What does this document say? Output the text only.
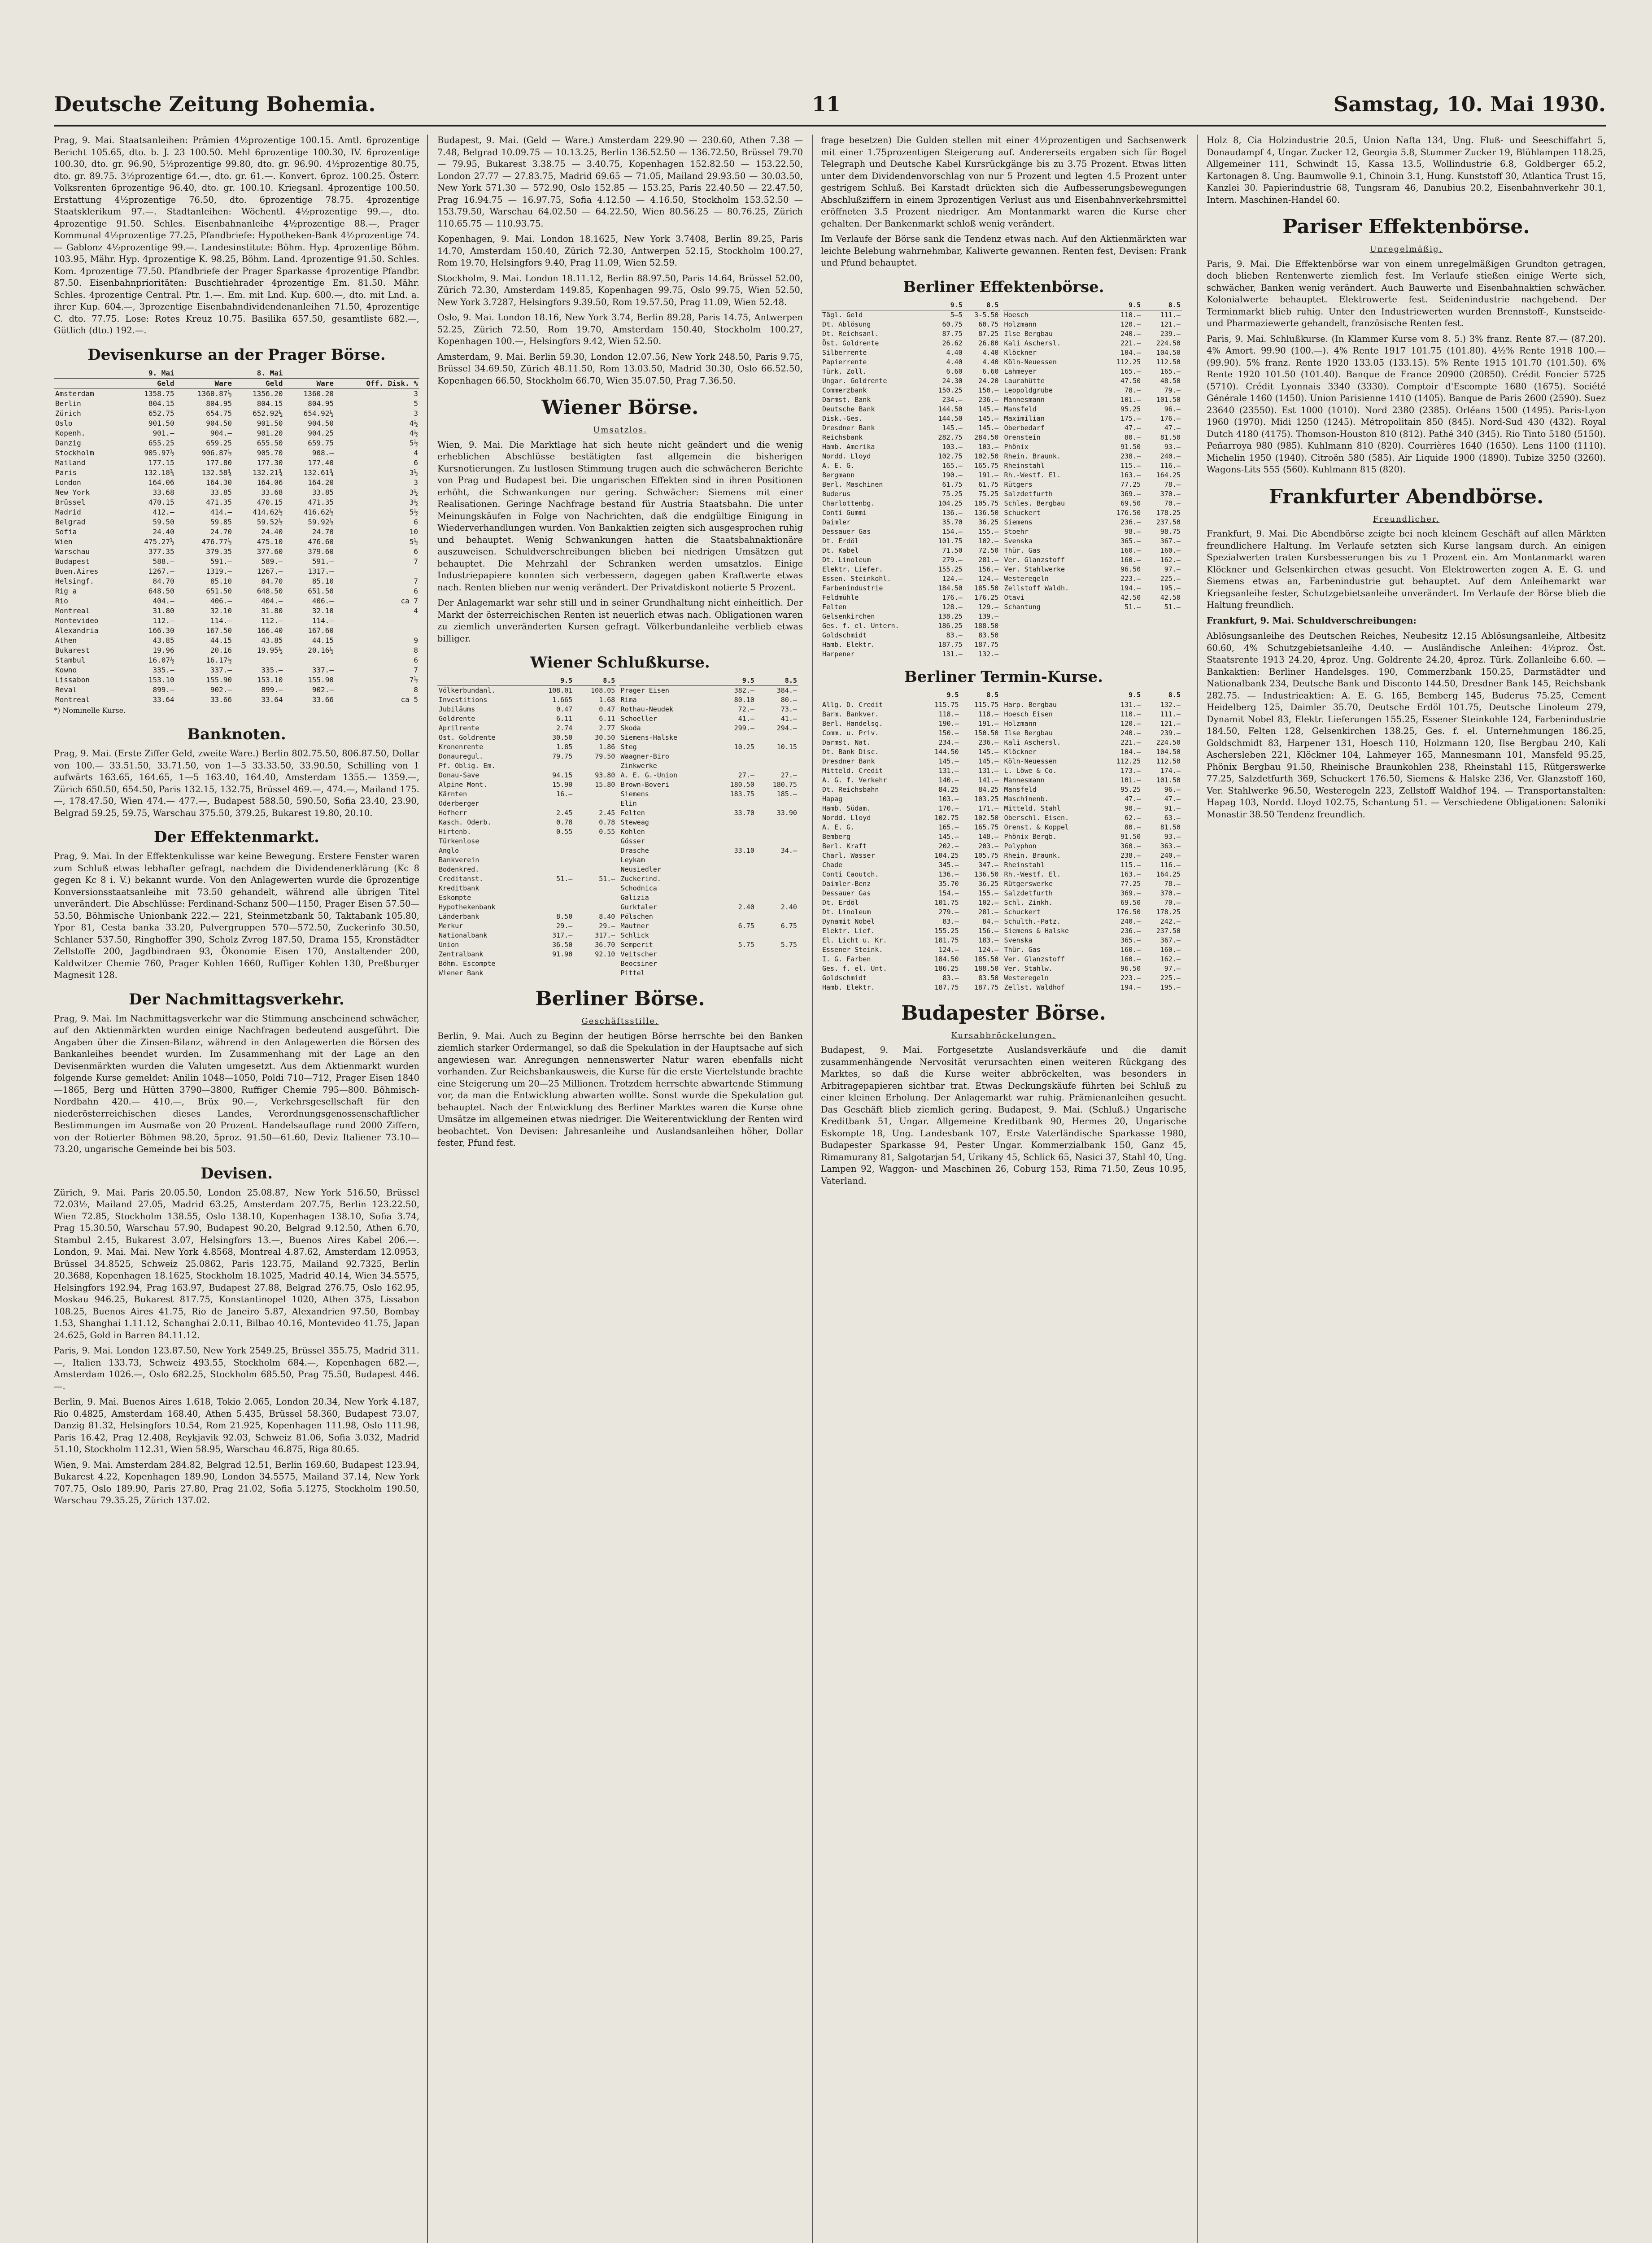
Deutsche Zeitung Bohemia.	11	Samstag, 10. Mai 1930.

Prag, 9. Mai. Staatsanleihen: Prämien 4½prozentige 100.15. Amtl. 6prozentige Bericht 105.65, dto. b. J. 23 100.50. Mehl 6prozentige 100.30, IV. 6prozentige 100.30, dto. gr. 96.90, 5½prozentige 99.80, dto. gr. 96.90. 4½prozentige 80.75, dto. gr. 89.75. 3½prozentige 64.—, dto. gr. 61.—. Konvert. 6proz. 100.25. Österr. Volksrenten 6prozentige 96.40, dto. gr. 100.10. Kriegsanl. 4prozentige 100.50. Erstattung 4½prozentige 76.50, dto. 6prozentige 78.75. 4prozentige Staatsklerikum 97.—. Stadtanleihen: Wöchentl. 4½prozentige 99.—, dto. 4prozentige 91.50. Schles. Eisenbahnanleihe 4½prozentige 88.—, Prager Kommunal 4½prozentige 77.25, Pfandbriefe: Hypotheken-Bank 4½prozentige 74.— Gablonz 4½prozentige 99.—. Landesinstitute: Böhm. Hyp. 4prozentige Böhm. 103.95, Mähr. Hyp. 4prozentige K. 98.25, Böhm. Land. 4prozentige 91.50. Schles. Kom. 4prozentige 77.50. Pfandbriefe der Prager Sparkasse 4prozentige Pfandbr. 87.50. Eisenbahnprioritäten: Buschtiehrader 4prozentige Em. 81.50. Mähr. Schles. 4prozentige Central. Ptr. 1.—. Em. mit Lnd. Kup. 600.—, dto. mit Lnd. a. ihrer Kup. 604.—, 3prozentige Eisenbahndividendenanleihen 71.50, 4prozentige C. dto. 77.75. Lose: Rotes Kreuz 10.75. Basilika 657.50, gesamtliste 682.—, Gütlich (dto.) 192.—.

Devisenkurse an der Prager Börse.
	9. Mai		8. Mai		
	Geld	Ware	Geld	Ware	Off. Disk. %
Amsterdam	1358.75	1360.87½	1356.20	1360.20	3
Berlin	804.15	804.95	804.15	804.95	5
Zürich	652.75	654.75	652.92½	654.92½	3
Oslo	901.50	904.50	901.50	904.50	4½
Kopenh.	901.—	904.—	901.20	904.25	4½
Danzig	655.25	659.25	655.50	659.75	5½
Stockholm	905.97½	906.87½	905.70	908.—	4
Mailand	177.15	177.80	177.30	177.40	6
Paris	132.18¾	132.58¾	132.21¾	132.61¾	3½
London	164.06	164.30	164.06	164.20	3
New York	33.68	33.85	33.68	33.85	3½
Brüssel	470.15	471.35	470.15	471.35	3½
Madrid	412.—	414.—	414.62½	416.62½	5½
Belgrad	59.50	59.85	59.52½	59.92½	6
Sofia	24.40	24.70	24.40	24.70	10
Wien	475.27½	476.77½	475.10	476.60	5½
Warschau	377.35	379.35	377.60	379.60	6
Budapest	588.—	591.—	589.—	591.—	7
Buen.Aires	1267.—	1319.—	1267.—	1317.—	
Helsingf.	84.70	85.10	84.70	85.10	7
Rig a	648.50	651.50	648.50	651.50	6
Rio	404.—	406.—	404.—	406.—	ca 7
Montreal	31.80	32.10	31.80	32.10	4
Montevideo	112.—	114.—	112.—	114.—	
Alexandria	166.30	167.50	166.40	167.60	
Athen	43.85	44.15	43.85	44.15	9
Bukarest	19.96	20.16	19.95½	20.16½	8
Stambul	16.07½	16.17½			6
Kowno	335.—	337.—	335.—	337.—	7
Lissabon	153.10	155.90	153.10	155.90	7½
Reval	899.—	902.—	899.—	902.—	8
Montreal	33.64	33.66	33.64	33.66	ca 5

*) Nominelle Kurse.

Banknoten.

Prag, 9. Mai. (Erste Ziffer Geld, zweite Ware.) Berlin 802.75.50, 806.87.50, Dollar von 100.— 33.51.50, 33.71.50, von 1—5 33.33.50, 33.90.50, Schilling von 1 aufwärts 163.65, 164.65, 1—5 163.40, 164.40, Amsterdam 1355.— 1359.—, Zürich 650.50, 654.50, Paris 132.15, 132.75, Brüssel 469.—, 474.—, Mailand 175.—, 178.47.50, Wien 474.— 477.—, Budapest 588.50, 590.50, Sofia 23.40, 23.90, Belgrad 59.25, 59.75, Warschau 375.50, 379.25, Bukarest 19.80, 20.10.

Der Effektenmarkt.

Prag, 9. Mai. In der Effektenkulisse war keine Bewegung. Erstere Fenster waren zum Schluß etwas lebhafter gefragt, nachdem die Dividendenerklärung (Kc 8 gegen Kc 8 i. V.) bekannt wurde. Von den Anlagewerten wurde die 6prozentige Konversionsstaatsanleihe mit 73.50 gehandelt, während alle übrigen Titel unverändert. Die Abschlüsse: Ferdinand-Schanz 500—1150, Prager Eisen 57.50—53.50, Böhmische Unionbank 222.— 221, Steinmetzbank 50, Taktabank 105.80, Ypor 81, Cesta banka 33.20, Pulvergruppen 570—572.50, Zuckerinfo 30.50, Schlaner 537.50, Ringhoffer 390, Scholz Zvrog 187.50, Drama 155, Kronstädter Zellstoffe 200, Jagdbindraen 93, Ökonomie Eisen 170, Anstaltender 200, Kaldwitzer Chemie 760, Prager Kohlen 1660, Ruffiger Kohlen 130, Preßburger Magnesit 128.

Der Nachmittagsverkehr.

Prag, 9. Mai. Im Nachmittagsverkehr war die Stimmung anscheinend schwächer, auf den Aktienmärkten wurden einige Nachfragen bedeutend ausgeführt. Die Angaben über die Zinsen-Bilanz, während in den Anlagewerten die Börsen des Bankanleihes beendet wurden. Im Zusammenhang mit der Lage an den Devisenmärkten wurden die Valuten umgesetzt. Aus dem Aktienmarkt wurden folgende Kurse gemeldet: Anilin 1048—1050, Poldi 710—712, Prager Eisen 1840—1865, Berg und Hütten 3790—3800, Ruffiger Chemie 795—800. Böhmisch-Nordbahn 420.— 410.—, Brüx 90.—, Verkehrsgesellschaft für den niederösterreichischen dieses Landes, Verordnungsgenossenschaftlicher Bestimmungen im Ausmaße von 20 Prozent. Handelsauflage rund 2000 Ziffern, von der Rotierter Böhmen 98.20, 5proz. 91.50—61.60, Deviz Italiener 73.10—73.20, ungarische Gemeinde bei bis 503.

Devisen.

Zürich, 9. Mai. Paris 20.05.50, London 25.08.87, New York 516.50, Brüssel 72.03½, Mailand 27.05, Madrid 63.25, Amsterdam 207.75, Berlin 123.22.50, Wien 72.85, Stockholm 138.55, Oslo 138.10, Kopenhagen 138.10, Sofia 3.74, Prag 15.30.50, Warschau 57.90, Budapest 90.20, Belgrad 9.12.50, Athen 6.70, Stambul 2.45, Bukarest 3.07, Helsingfors 13.—, Buenos Aires Kabel 206.—. London, 9. Mai. Mai. New York 4.8568, Montreal 4.87.62, Amsterdam 12.0953, Brüssel 34.8525, Schweiz 25.0862, Paris 123.75, Mailand 92.7325, Berlin 20.3688, Kopenhagen 18.1625, Stockholm 18.1025, Madrid 40.14, Wien 34.5575, Helsingfors 192.94, Prag 163.97, Budapest 27.88, Belgrad 276.75, Oslo 162.95, Moskau 946.25, Bukarest 817.75, Konstantinopel 1020, Athen 375, Lissabon 108.25, Buenos Aires 41.75, Rio de Janeiro 5.87, Alexandrien 97.50, Bombay 1.53, Shanghai 1.11.12, Schanghai 2.0.11, Bilbao 40.16, Montevideo 41.75, Japan 24.625, Gold in Barren 84.11.12.

Paris, 9. Mai. London 123.87.50, New York 2549.25, Brüssel 355.75, Madrid 311.—, Italien 133.73, Schweiz 493.55, Stockholm 684.—, Kopenhagen 682.—, Amsterdam 1026.—, Oslo 682.25, Stockholm 685.50, Prag 75.50, Budapest 446.—.

Berlin, 9. Mai. Buenos Aires 1.618, Tokio 2.065, London 20.34, New York 4.187, Rio 0.4825, Amsterdam 168.40, Athen 5.435, Brüssel 58.360, Budapest 73.07, Danzig 81.32, Helsingfors 10.54, Rom 21.925, Kopenhagen 111.98, Oslo 111.98, Paris 16.42, Prag 12.408, Reykjavik 92.03, Schweiz 81.06, Sofia 3.032, Madrid 51.10, Stockholm 112.31, Wien 58.95, Warschau 46.875, Riga 80.65.

Wien, 9. Mai. Amsterdam 284.82, Belgrad 12.51, Berlin 169.60, Budapest 123.94, Bukarest 4.22, Kopenhagen 189.90, London 34.5575, Mailand 37.14, New York 707.75, Oslo 189.90, Paris 27.80, Prag 21.02, Sofia 5.1275, Stockholm 190.50, Warschau 79.35.25, Zürich 137.02.

Budapest, 9. Mai. (Geld — Ware.) Amsterdam 229.90 — 230.60, Athen 7.38 — 7.48, Belgrad 10.09.75 — 10.13.25, Berlin 136.52.50 — 136.72.50, Brüssel 79.70 — 79.95, Bukarest 3.38.75 — 3.40.75, Kopenhagen 152.82.50 — 153.22.50, London 27.77 — 27.83.75, Madrid 69.65 — 71.05, Mailand 29.93.50 — 30.03.50, New York 571.30 — 572.90, Oslo 152.85 — 153.25, Paris 22.40.50 — 22.47.50, Prag 16.94.75 — 16.97.75, Sofia 4.12.50 — 4.16.50, Stockholm 153.52.50 — 153.79.50, Warschau 64.02.50 — 64.22.50, Wien 80.56.25 — 80.76.25, Zürich 110.65.75 — 110.93.75.

Kopenhagen, 9. Mai. London 18.1625, New York 3.7408, Berlin 89.25, Paris 14.70, Amsterdam 150.40, Zürich 72.30, Antwerpen 52.15, Stockholm 100.27, Rom 19.70, Helsingfors 9.40, Prag 11.09, Wien 52.59.

Stockholm, 9. Mai. London 18.11.12, Berlin 88.97.50, Paris 14.64, Brüssel 52.00, Zürich 72.30, Amsterdam 149.85, Kopenhagen 99.75, Oslo 99.75, Wien 52.50, New York 3.7287, Helsingfors 9.39.50, Rom 19.57.50, Prag 11.09, Wien 52.48.

Oslo, 9. Mai. London 18.16, New York 3.74, Berlin 89.28, Paris 14.75, Antwerpen 52.25, Zürich 72.50, Rom 19.70, Amsterdam 150.40, Stockholm 100.27, Kopenhagen 100.—, Helsingfors 9.42, Wien 52.50.

Amsterdam, 9. Mai. Berlin 59.30, London 12.07.56, New York 248.50, Paris 9.75, Brüssel 34.69.50, Zürich 48.11.50, Rom 13.03.50, Madrid 30.30, Oslo 66.52.50, Kopenhagen 66.50, Stockholm 66.70, Wien 35.07.50, Prag 7.36.50.

Wiener Börse.
Umsatzlos.

Wien, 9. Mai. Die Marktlage hat sich heute nicht geändert und die wenig erheblichen Abschlüsse bestätigten fast allgemein die bisherigen Kursnotierungen. Zu lustlosen Stimmung trugen auch die schwächeren Berichte von Prag und Budapest bei. Die ungarischen Effekten sind in ihren Positionen erhöht, die Schwankungen nur gering. Schwächer: Siemens mit einer Realisationen. Geringe Nachfrage bestand für Austria Staatsbahn. Die unter Meinungskäufen in Folge von Nachrichten, daß die endgültige Einigung in Wiederverhandlungen wurden. Von Bankaktien zeigten sich ausgesprochen ruhig und behauptet. Wenig Schwankungen hatten die Staatsbahnaktionäre auszuweisen. Schuldverschreibungen blieben bei niedrigen Umsätzen gut behauptet. Die Mehrzahl der Schranken werden umsatzlos. Einige Industriepapiere konnten sich verbessern, dagegen gaben Kraftwerte etwas nach. Renten blieben nur wenig verändert. Der Privatdiskont notierte 5 Prozent.

Der Anlagemarkt war sehr still und in seiner Grundhaltung nicht einheitlich. Der Markt der österreichischen Renten ist neuerlich etwas nach. Obligationen waren zu ziemlich unveränderten Kursen gefragt. Völkerbundanleihe verblieb etwas billiger.

Wiener Schlußkurse.
	9.5	8.5
Völkerbundanl.	108.01	108.05
Investitions	1.665	1.68
Jubiläums	0.47	0.47
Goldrente	6.11	6.11
Aprilrente	2.74	2.77
Ost. Goldrente	30.50	30.50
Kronenrente	1.85	1.86
Donauregul.	79.75	79.50
Pf. Oblig. Em.		
Donau-Save	94.15	93.80
Alpine Mont.	15.90	15.80
Kärnten	16.—	
Oderberger		
Hofherr	2.45	2.45
Kasch. Oderb.	0.78	0.78
Hirtenb.	0.55	0.55
Türkenlose		
Anglo		
Bankverein		
Bodenkred.		
Creditanst.	51.—	51.—
Kreditbank		
Eskompte		
Hypothekenbank		
Länderbank	8.50	8.40
Merkur	29.—	29.—
Nationalbank	317.—	317.—
Union	36.50	36.70
Zentralbank	91.90	92.10
Böhm. Escompte		
Wiener Bank		

	9.5	8.5
Prager Eisen	382.—	384.—
Rima	80.10	80.—
Rothau-Neudek	72.—	73.—
Schoeller	41.—	41.—
Skoda	299.—	294.—
Siemens-Halske		
Steg	10.25	10.15
Waagner-Biro		
Zinkwerke		
A. E. G.-Union	27.—	27.—
Brown-Boveri	180.50	180.75
Siemens	183.75	185.—
Elin		
Felten	33.70	33.90
Steweag		
Kohlen		
Gösser		
Drasche	33.10	34.—
Leykam		
Neusiedler		
Zuckerind.		
Schodnica		
Galizia		
Gurktaler	2.40	2.40
Pölschen		
Mautner	6.75	6.75
Schlick		
Semperit	5.75	5.75
Veitscher		
Beocsiner		
Pittel		
Berliner Börse.
Geschäftsstille.

Berlin, 9. Mai. Auch zu Beginn der heutigen Börse herrschte bei den Banken ziemlich starker Ordermangel, so daß die Spekulation in der Hauptsache auf sich angewiesen war. Anregungen nennenswerter Natur waren ebenfalls nicht vorhanden. Zur Reichsbankausweis, die Kurse für die erste Viertelstunde brachte eine Steigerung um 20—25 Millionen. Trotzdem herrschte abwartende Stimmung vor, da man die Entwicklung abwarten wollte. Sonst wurde die Spekulation gut behauptet. Nach der Entwicklung des Berliner Marktes waren die Kurse ohne Umsätze im allgemeinen etwas niedriger. Die Weiterentwicklung der Renten wird beobachtet. Von Devisen: Jahresanleihe und Auslandsanleihen höher, Dollar fester, Pfund fest.

frage besetzen) Die Gulden stellen mit einer 4½prozentigen und Sachsenwerk mit einer 1.75prozentigen Steigerung auf. Andererseits ergaben sich für Bogel Telegraph und Deutsche Kabel Kursrückgänge bis zu 3.75 Prozent. Etwas litten unter dem Dividendenvorschlag von nur 5 Prozent und legten 4.5 Prozent unter gestrigem Schluß. Bei Karstadt drückten sich die Aufbesserungsbewegungen Abschlußziffern in einem 3prozentigen Verlust aus und Eisenbahnverkehrsmittel eröffneten 3.5 Prozent niedriger. Am Montanmarkt waren die Kurse eher gehalten. Der Bankenmarkt schloß wenig verändert.

Im Verlaufe der Börse sank die Tendenz etwas nach. Auf den Aktienmärkten war leichte Belebung wahrnehmbar, Kaliwerte gewannen. Renten fest, Devisen: Frank und Pfund behauptet.

Berliner Effektenbörse.
	9.5	8.5
Tägl. Geld	5—5	3-5.50
Dt. Ablösung	60.75	60.75
Dt. Reichsanl.	87.75	87.25
Öst. Goldrente	26.62	26.80
Silberrente	4.40	4.40
Papierrente	4.40	4.40
Türk. Zoll.	6.60	6.60
Ungar. Goldrente	24.30	24.20
Commerzbank	150.25	150.—
Darmst. Bank	234.—	236.—
Deutsche Bank	144.50	145.—
Disk.-Ges.	144.50	145.—
Dresdner Bank	145.—	145.—
Reichsbank	282.75	284.50
Hamb. Amerika	103.—	103.—
Nordd. Lloyd	102.75	102.50
A. E. G.	165.—	165.75
Bergmann	190.—	191.—
Berl. Maschinen	61.75	61.75
Buderus	75.25	75.25
Charlottenbg.	104.25	105.75
Conti Gummi	136.—	136.50
Daimler	35.70	36.25
Dessauer Gas	154.—	155.—
Dt. Erdöl	101.75	102.—
Dt. Kabel	71.50	72.50
Dt. Linoleum	279.—	281.—
Elektr. Liefer.	155.25	156.—
Essen. Steinkohl.	124.—	124.—
Farbenindustrie	184.50	185.50
Feldmühle	176.—	176.25
Felten	128.—	129.—
Gelsenkirchen	138.25	139.—
Ges. f. el. Untern.	186.25	188.50
Goldschmidt	83.—	83.50
Hamb. Elektr.	187.75	187.75
Harpener	131.—	132.—

	9.5	8.5
Hoesch	110.—	111.—
Holzmann	120.—	121.—
Ilse Bergbau	240.—	239.—
Kali Aschersl.	221.—	224.50
Klöckner	104.—	104.50
Köln-Neuessen	112.25	112.50
Lahmeyer	165.—	165.—
Laurahütte	47.50	48.50
Leopoldgrube	78.—	79.—
Mannesmann	101.—	101.50
Mansfeld	95.25	96.—
Maximilian	175.—	176.—
Oberbedarf	47.—	47.—
Orenstein	80.—	81.50
Phönix	91.50	93.—
Rhein. Braunk.	238.—	240.—
Rheinstahl	115.—	116.—
Rh.-Westf. El.	163.—	164.25
Rütgers	77.25	78.—
Salzdetfurth	369.—	370.—
Schles. Bergbau	69.50	70.—
Schuckert	176.50	178.25
Siemens	236.—	237.50
Stoehr	98.—	98.75
Svenska	365.—	367.—
Thür. Gas	160.—	160.—
Ver. Glanzstoff	160.—	162.—
Ver. Stahlwerke	96.50	97.—
Westeregeln	223.—	225.—
Zellstoff Waldh.	194.—	195.—
Otavi	42.50	42.50
Schantung	51.—	51.—
Berliner Termin-Kurse.
	9.5	8.5
Allg. D. Credit	115.75	115.75
Barm. Bankver.	118.—	118.—
Berl. Handelsg.	190.—	191.—
Comm. u. Priv.	150.—	150.50
Darmst. Nat.	234.—	236.—
Dt. Bank Disc.	144.50	145.—
Dresdner Bank	145.—	145.—
Mitteld. Credit	131.—	131.—
A. G. f. Verkehr	140.—	141.—
Dt. Reichsbahn	84.25	84.25
Hapag	103.—	103.25
Hamb. Südam.	170.—	171.—
Nordd. Lloyd	102.75	102.50
A. E. G.	165.—	165.75
Bemberg	145.—	148.—
Berl. Kraft	202.—	203.—
Charl. Wasser	104.25	105.75
Chade	345.—	347.—
Conti Caoutch.	136.—	136.50
Daimler-Benz	35.70	36.25
Dessauer Gas	154.—	155.—
Dt. Erdöl	101.75	102.—
Dt. Linoleum	279.—	281.—
Dynamit Nobel	83.—	84.—
Elektr. Lief.	155.25	156.—
El. Licht u. Kr.	181.75	183.—
Essener Steink.	124.—	124.—
I. G. Farben	184.50	185.50
Ges. f. el. Unt.	186.25	188.50
Goldschmidt	83.—	83.50
Hamb. Elektr.	187.75	187.75

	9.5	8.5
Harp. Bergbau	131.—	132.—
Hoesch Eisen	110.—	111.—
Holzmann	120.—	121.—
Ilse Bergbau	240.—	239.—
Kali Aschersl.	221.—	224.50
Klöckner	104.—	104.50
Köln-Neuessen	112.25	112.50
L. Löwe & Co.	173.—	174.—
Mannesmann	101.—	101.50
Mansfeld	95.25	96.—
Maschinenb.	47.—	47.—
Mitteld. Stahl	90.—	91.—
Oberschl. Eisen.	62.—	63.—
Orenst. & Koppel	80.—	81.50
Phönix Bergb.	91.50	93.—
Polyphon	360.—	363.—
Rhein. Braunk.	238.—	240.—
Rheinstahl	115.—	116.—
Rh.-Westf. El.	163.—	164.25
Rütgerswerke	77.25	78.—
Salzdetfurth	369.—	370.—
Schl. Zinkh.	69.50	70.—
Schuckert	176.50	178.25
Schulth.-Patz.	240.—	242.—
Siemens & Halske	236.—	237.50
Svenska	365.—	367.—
Thür. Gas	160.—	160.—
Ver. Glanzstoff	160.—	162.—
Ver. Stahlw.	96.50	97.—
Westeregeln	223.—	225.—
Zellst. Waldhof	194.—	195.—
Budapester Börse.
Kursabbröckelungen.

Budapest, 9. Mai. Fortgesetzte Auslandsverkäufe und die damit zusammenhängende Nervosität verursachten einen weiteren Rückgang des Marktes, so daß die Kurse weiter abbröckelten, was besonders in Arbitragepapieren sichtbar trat. Etwas Deckungskäufe führten bei Schluß zu einer kleinen Erholung. Der Anlagemarkt war ruhig. Prämienanleihen gesucht. Das Geschäft blieb ziemlich gering. Budapest, 9. Mai. (Schluß.) Ungarische Kreditbank 51, Ungar. Allgemeine Kreditbank 90, Hermes 20, Ungarische Eskompte 18, Ung. Landesbank 107, Erste Vaterländische Sparkasse 1980, Budapester Sparkasse 94, Pester Ungar. Kommerzialbank 150, Ganz 45, Rimamurany 81, Salgotarjan 54, Urikany 45, Schlick 65, Nasici 37, Stahl 40, Ung. Lampen 92, Waggon- und Maschinen 26, Coburg 153, Rima 71.50, Zeus 10.95, Vaterland.

Holz 8, Cia Holzindustrie 20.5, Union Nafta 134, Ung. Fluß- und Seeschiffahrt 5, Donaudampf 4, Ungar. Zucker 12, Georgia 5.8, Stummer Zucker 19, Blühlampen 118.25, Allgemeiner 111, Schwindt 15, Kassa 13.5, Wollindustrie 6.8, Goldberger 65.2, Kartonagen 8. Ung. Baumwolle 9.1, Chinoin 3.1, Hung. Kunststoff 30, Atlantica Trust 15, Kanzlei 30. Papierindustrie 68, Tungsram 46, Danubius 20.2, Eisenbahnverkehr 30.1, Intern. Maschinen-Handel 60.

Pariser Effektenbörse.
Unregelmäßig.

Paris, 9. Mai. Die Effektenbörse war von einem unregelmäßigen Grundton getragen, doch blieben Rentenwerte ziemlich fest. Im Verlaufe stießen einige Werte sich, schwächer, Banken wenig verändert. Auch Bauwerte und Eisenbahnaktien schwächer. Kolonialwerte behauptet. Elektrowerte fest. Seidenindustrie nachgebend. Der Terminmarkt blieb ruhig. Unter den Industriewerten wurden Brennstoff-, Kunstseide- und Pharmaziewerte gehandelt, französische Renten fest.

Paris, 9. Mai. Schlußkurse. (In Klammer Kurse vom 8. 5.) 3% franz. Rente 87.— (87.20). 4% Amort. 99.90 (100.—). 4% Rente 1917 101.75 (101.80). 4½% Rente 1918 100.— (99.90). 5% franz. Rente 1920 133.05 (133.15). 5% Rente 1915 101.70 (101.50). 6% Rente 1920 101.50 (101.40). Banque de France 20900 (20850). Crédit Foncier 5725 (5710). Crédit Lyonnais 3340 (3330). Comptoir d'Escompte 1680 (1675). Société Générale 1460 (1450). Union Parisienne 1410 (1405). Banque de Paris 2600 (2590). Suez 23640 (23550). Est 1000 (1010). Nord 2380 (2385). Orléans 1500 (1495). Paris-Lyon 1960 (1970). Midi 1250 (1245). Métropolitain 850 (845). Nord-Sud 430 (432). Royal Dutch 4180 (4175). Thomson-Houston 810 (812). Pathé 340 (345). Rio Tinto 5180 (5150). Peñarroya 980 (985). Kuhlmann 810 (820). Courrières 1640 (1650). Lens 1100 (1110). Michelin 1950 (1940). Citroën 580 (585). Air Liquide 1900 (1890). Tubize 3250 (3260). Wagons-Lits 555 (560). Kuhlmann 815 (820).

Frankfurter Abendbörse.
Freundlicher.

Frankfurt, 9. Mai. Die Abendbörse zeigte bei noch kleinem Geschäft auf allen Märkten freundlichere Haltung. Im Verlaufe setzten sich Kurse langsam durch. An einigen Spezialwerten traten Kursbesserungen bis zu 1 Prozent ein. Am Montanmarkt waren Klöckner und Gelsenkirchen etwas gesucht. Von Elektrowerten zogen A. E. G. und Siemens etwas an, Farbenindustrie gut behauptet. Auf dem Anleihemarkt war Kriegsanleihe fester, Schutzgebietsanleihe unverändert. Im Verlaufe der Börse blieb die Haltung freundlich.

Frankfurt, 9. Mai. Schuldverschreibungen:

Ablösungsanleihe des Deutschen Reiches, Neubesitz 12.15 Ablösungsanleihe, Altbesitz 60.60, 4% Schutzgebietsanleihe 4.40. — Ausländische Anleihen: 4½proz. Öst. Staatsrente 1913 24.20, 4proz. Ung. Goldrente 24.20, 4proz. Türk. Zollanleihe 6.60. — Bankaktien: Berliner Handelsges. 190, Commerzbank 150.25, Darmstädter und Nationalbank 234, Deutsche Bank und Disconto 144.50, Dresdner Bank 145, Reichsbank 282.75. — Industrieaktien: A. E. G. 165, Bemberg 145, Buderus 75.25, Cement Heidelberg 125, Daimler 35.70, Deutsche Erdöl 101.75, Deutsche Linoleum 279, Dynamit Nobel 83, Elektr. Lieferungen 155.25, Essener Steinkohle 124, Farbenindustrie 184.50, Felten 128, Gelsenkirchen 138.25, Ges. f. el. Unternehmungen 186.25, Goldschmidt 83, Harpener 131, Hoesch 110, Holzmann 120, Ilse Bergbau 240, Kali Aschersleben 221, Klöckner 104, Lahmeyer 165, Mannesmann 101, Mansfeld 95.25, Phönix Bergbau 91.50, Rheinische Braunkohlen 238, Rheinstahl 115, Rütgerswerke 77.25, Salzdetfurth 369, Schuckert 176.50, Siemens & Halske 236, Ver. Glanzstoff 160, Ver. Stahlwerke 96.50, Westeregeln 223, Zellstoff Waldhof 194. — Transportanstalten: Hapag 103, Nordd. Lloyd 102.75, Schantung 51. — Verschiedene Obligationen: Saloniki Monastir 38.50 Tendenz freundlich.
